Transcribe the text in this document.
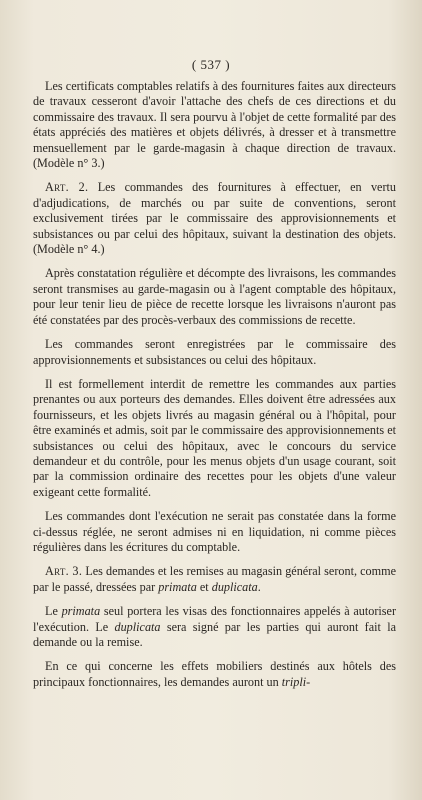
( 537 )

Les certificats comptables relatifs à des fournitures faites aux directeurs de travaux cesseront d'avoir l'attache des chefs de ces directions et du commissaire des travaux. Il sera pourvu à l'objet de cette formalité par des états appréciés des matières et objets délivrés, à dresser et à transmettre mensuellement par le garde-magasin à chaque direction de travaux. (Modèle n° 3.)

Art. 2. Les commandes des fournitures à effectuer, en vertu d'adjudications, de marchés ou par suite de conventions, seront exclusivement tirées par le commissaire des approvisionnements et subsistances ou par celui des hôpitaux, suivant la destination des objets. (Modèle n° 4.)

Après constatation régulière et décompte des livraisons, les commandes seront transmises au garde-magasin ou à l'agent comptable des hôpitaux, pour leur tenir lieu de pièce de recette lorsque les livraisons n'auront pas été constatées par des procès-verbaux des commissions de recette.

Les commandes seront enregistrées par le commissaire des approvisionnements et subsistances ou celui des hôpitaux.

Il est formellement interdit de remettre les commandes aux parties prenantes ou aux porteurs des demandes. Elles doivent être adressées aux fournisseurs, et les objets livrés au magasin général ou à l'hôpital, pour être examinés et admis, soit par le commissaire des approvisionnements et subsistances ou celui des hôpitaux, avec le concours du service demandeur et du contrôle, pour les menus objets d'un usage courant, soit par la commission ordinaire des recettes pour les objets d'une valeur exigeant cette formalité.

Les commandes dont l'exécution ne serait pas constatée dans la forme ci-dessus réglée, ne seront admises ni en liquidation, ni comme pièces régulières dans les écritures du comptable.

Art. 3. Les demandes et les remises au magasin général seront, comme par le passé, dressées par primata et duplicata.

Le primata seul portera les visas des fonctionnaires appelés à autoriser l'exécution. Le duplicata sera signé par les parties qui auront fait la demande ou la remise.

En ce qui concerne les effets mobiliers destinés aux hôtels des principaux fonctionnaires, les demandes auront un tripli-
